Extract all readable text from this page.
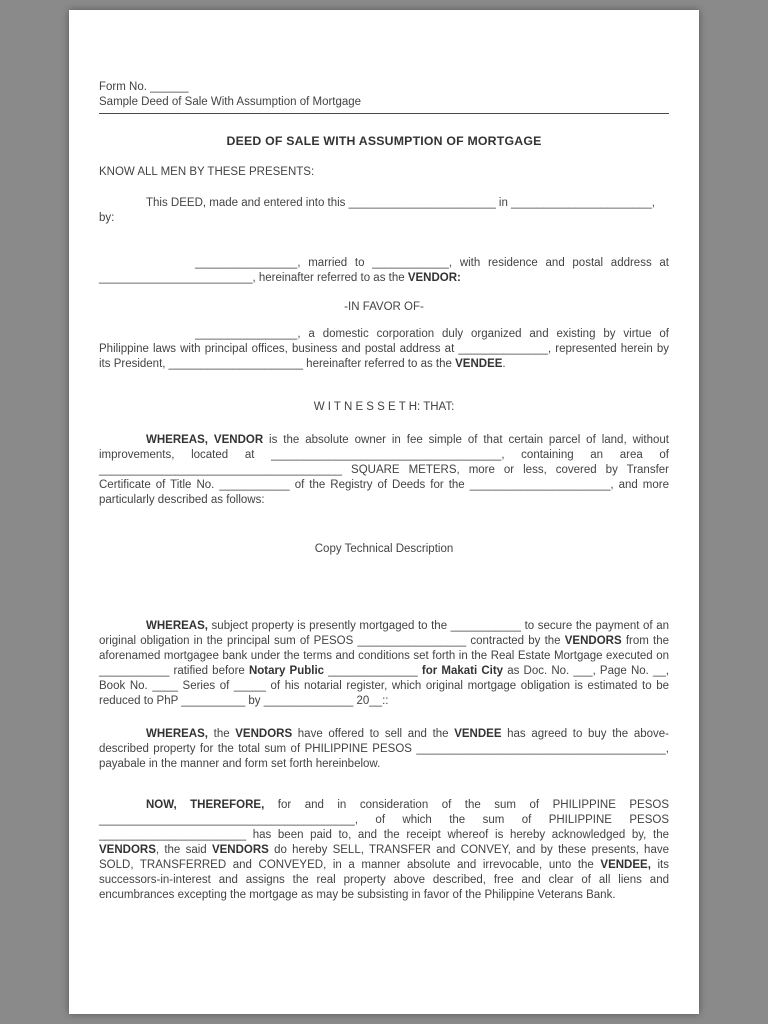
Form No. ______

Sample Deed of Sale With Assumption of Mortgage

DEED OF SALE WITH ASSUMPTION OF MORTGAGE

KNOW ALL MEN BY THESE PRESENTS:

This DEED, made and entered into this _______________________ in ______________________, by:

________________, married to ____________, with residence and postal address at ________________________, hereinafter referred to as the VENDOR:

-IN FAVOR OF-

________________, a domestic corporation duly organized and existing by virtue of Philippine laws with principal offices, business and postal address at ______________, represented herein by its President, _____________________ hereinafter referred to as the VENDEE.

W I T N E S S E T H: THAT:

WHEREAS, VENDOR is the absolute owner in fee simple of that certain parcel of land, without improvements, located at ____________________________________, containing an area of ______________________________________ SQUARE METERS, more or less, covered by Transfer Certificate of Title No. ___________ of the Registry of Deeds for the ______________________, and more particularly described as follows:

Copy Technical Description

WHEREAS, subject property is presently mortgaged to the ___________ to secure the payment of an original obligation in the principal sum of PESOS _________________ contracted by the VENDORS from the aforenamed mortgagee bank under the terms and conditions set forth in the Real Estate Mortgage executed on ___________ ratified before Notary Public ______________ for Makati City as Doc. No. ___, Page No. __, Book No. ____ Series of _____ of his notarial register, which original mortgage obligation is estimated to be reduced to PhP __________ by ______________ 20__::

WHEREAS, the VENDORS have offered to sell and the VENDEE has agreed to buy the above-described property for the total sum of PHILIPPINE PESOS _______________________________________, payabale in the manner and form set forth hereinbelow.

NOW, THEREFORE, for and in consideration of the sum of PHILIPPINE PESOS ________________________________________, of which the sum of PHILIPPINE PESOS _______________________ has been paid to, and the receipt whereof is hereby acknowledged by, the VENDORS, the said VENDORS do hereby SELL, TRANSFER and CONVEY, and by these presents, have SOLD, TRANSFERRED and CONVEYED, in a manner absolute and irrevocable, unto the VENDEE, its successors-in-interest and assigns the real property above described, free and clear of all liens and encumbrances excepting the mortgage as may be subsisting in favor of the Philippine Veterans Bank.
